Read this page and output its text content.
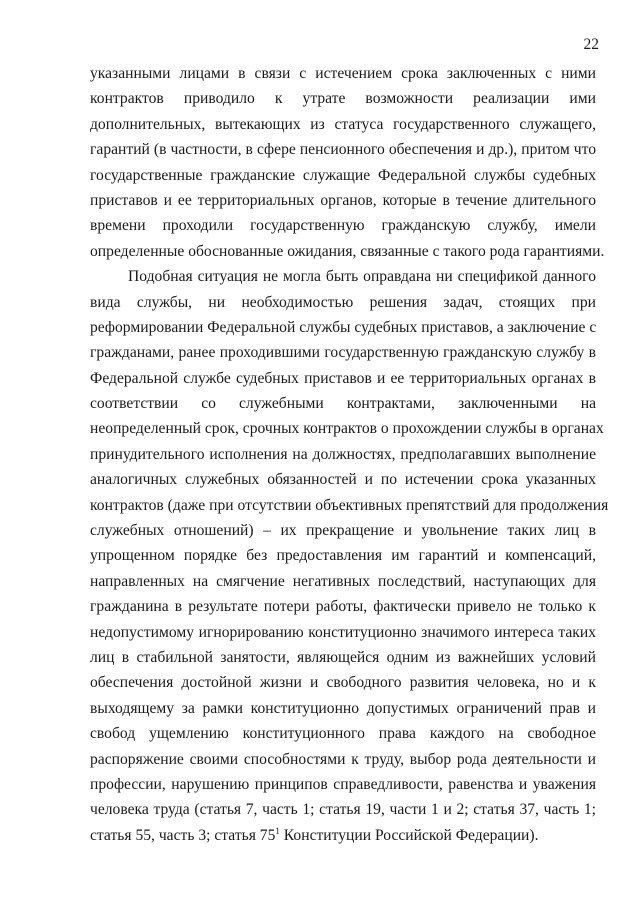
22
указанными лицами в связи с истечением срока заключенных с ними
контрактов приводило к утрате возможности реализации ими
дополнительных, вытекающих из статуса государственного служащего,
гарантий (в частности, в сфере пенсионного обеспечения и др.), притом что
государственные гражданские служащие Федеральной службы судебных
приставов и ее территориальных органов, которые в течение длительного
времени проходили государственную гражданскую службу, имели
определенные обоснованные ожидания, связанные с такого рода гарантиями.
Подобная ситуация не могла быть оправдана ни спецификой данного
вида службы, ни необходимостью решения задач, стоящих при
реформировании Федеральной службы судебных приставов, а заключение с
гражданами, ранее проходившими государственную гражданскую службу в
Федеральной службе судебных приставов и ее территориальных органах в
соответствии со служебными контрактами, заключенными на
неопределенный срок, срочных контрактов о прохождении службы в органах
принудительного исполнения на должностях, предполагавших выполнение
аналогичных служебных обязанностей и по истечении срока указанных
контрактов (даже при отсутствии объективных препятствий для продолжения
служебных отношений) – их прекращение и увольнение таких лиц в
упрощенном порядке без предоставления им гарантий и компенсаций,
направленных на смягчение негативных последствий, наступающих для
гражданина в результате потери работы, фактически привело не только к
недопустимому игнорированию конституционно значимого интереса таких
лиц в стабильной занятости, являющейся одним из важнейших условий
обеспечения достойной жизни и свободного развития человека, но и к
выходящему за рамки конституционно допустимых ограничений прав и
свобод ущемлению конституционного права каждого на свободное
распоряжение своими способностями к труду, выбор рода деятельности и
профессии, нарушению принципов справедливости, равенства и уважения
человека труда (статья 7, часть 1; статья 19, части 1 и 2; статья 37, часть 1;
статья 55, часть 3; статья $75^1$ Конституции Российской Федерации).
